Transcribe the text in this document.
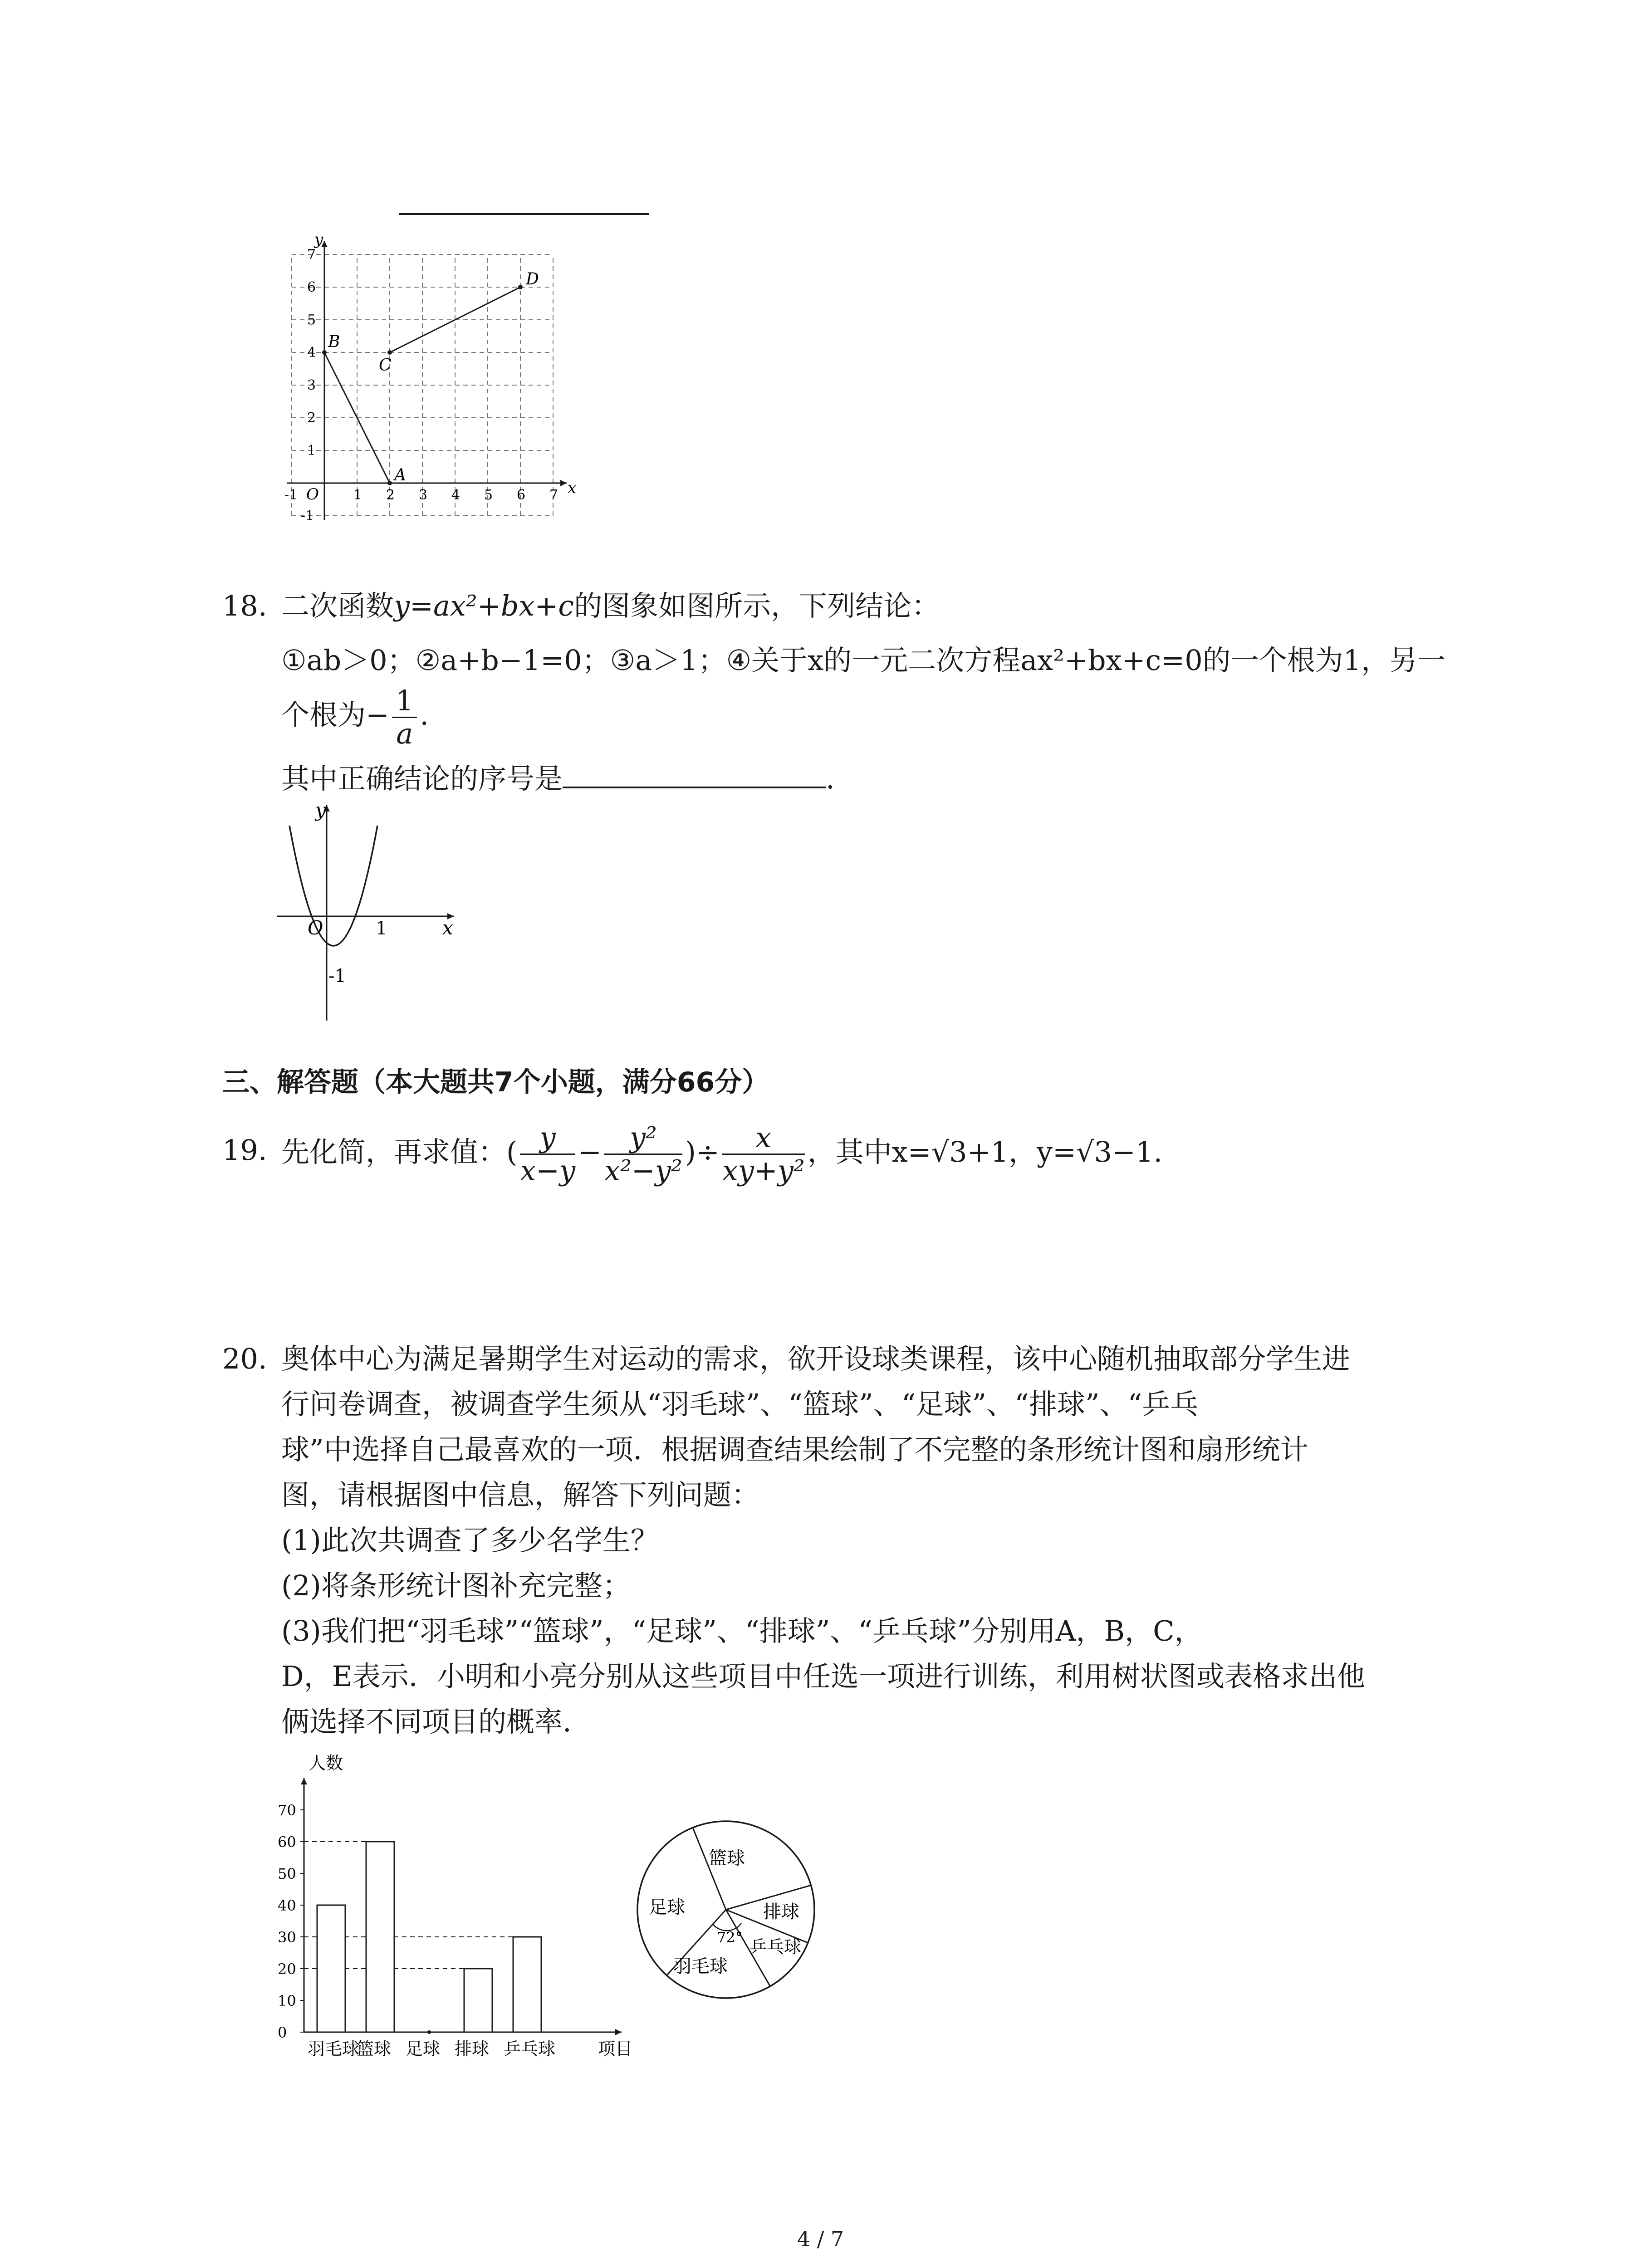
x
y
O
-1	1 2 3 4 5 6 7
-1
1
2
3
4
5
6
7
B
A
C
D
18. 二次函数y=ax²+bx+c的图象如图所示，下列结论：
①ab＞0；②a+b−1=0；③a＞1；④关于x的一元二次方程ax²+bx+c=0的一个根为1，另一
个根为− $\frac{1}{a}$ .
其中正确结论的序号是	.
y
x
O	1
-1
三、解答题（本大题共7个小题，满分66分）
19. 先化简，再求值：( $\frac{y}{x-y} - \frac{\text{y²}}{\text{x²−y²}}$ )÷ $\frac{x}{\text{xy+y²}}$ ，其中x=√3+1，y=√3−1.
20. 奥体中心为满足暑期学生对运动的需求，欲开设球类课程，该中心随机抽取部分学生进
行问卷调查，被调查学生须从“羽毛球”、“篮球”、“足球”、“排球”、“乒乓
球”中选择自己最喜欢的一项．根据调查结果绘制了不完整的条形统计图和扇形统计
图，请根据图中信息，解答下列问题：
(1)此次共调查了多少名学生？
(2)将条形统计图补充完整；
(3)我们把“羽毛球”“篮球”，“足球”、“排球”、“乒乓球”分别用A，B，C，
D，E表示．小明和小亮分别从这些项目中任选一项进行训练，利用树状图或表格求出他
俩选择不同项目的概率.
0
10
20
30
40
50
60
70
羽毛球
篮球 足球 排球 乒乓球
人数
项目
72°
篮球
排球
乒乓球
羽毛球
足球
4 / 7
